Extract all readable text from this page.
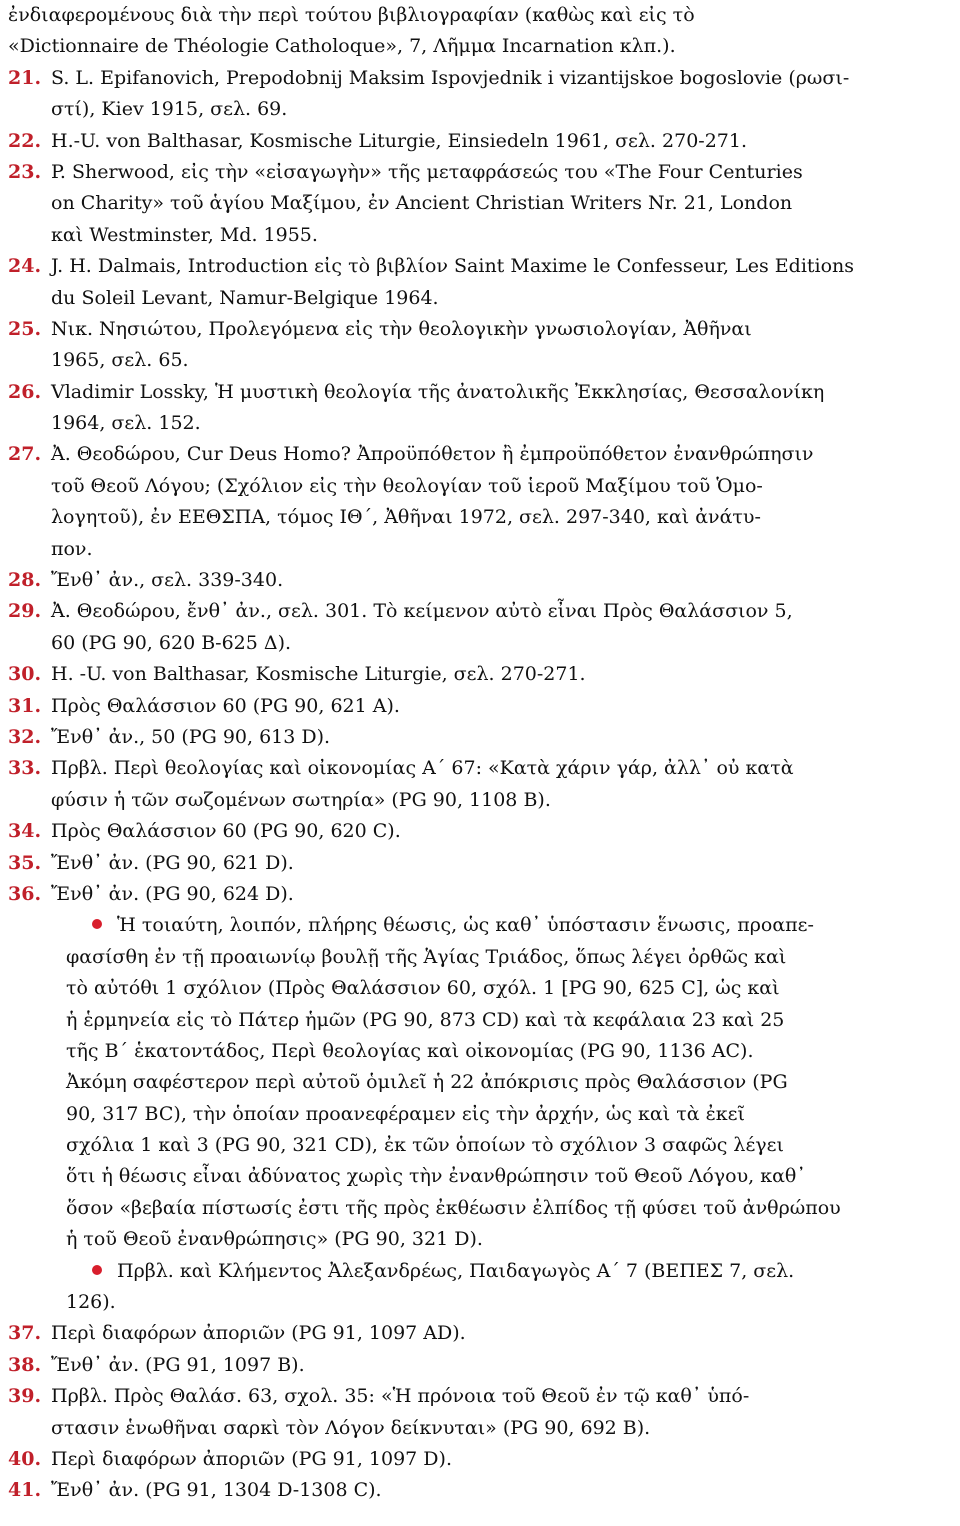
ἐνδιαφερομένους διὰ τὴν περὶ τούτου βιβλιογραφίαν (καθὼς καὶ εἰς τὸ
«Dictionnaire de Théologie Catholoque», 7, Λῆμμα Incarnation κλπ.).
21. S. L. Epifanovich, Prepodobnij Maksim Ispovjednik i vizantijskoe bogoslovie (ρωσι-
στί), Kiev 1915, σελ. 69.
22. H.-U. von Balthasar, Kosmische Liturgie, Einsiedeln 1961, σελ. 270-271.
23. P. Sherwood, εἰς τὴν «εἰσαγωγὴν» τῆς μεταφράσεώς του «The Four Centuries
on Charity» τοῦ ἁγίου Μαξίμου, ἐν Ancient Christian Writers Nr. 21, London
καὶ Westminster, Md. 1955.
24. J. H. Dalmais, Introduction εἰς τὸ βιβλίον Saint Maxime le Confesseur, Les Editions
du Soleil Levant, Namur-Belgique 1964.
25. Νικ. Νησιώτου, Προλεγόμενα εἰς τὴν θεολογικὴν γνωσιολογίαν, Ἀθῆναι
1965, σελ. 65.
26. Vladimir Lossky, Ἡ μυστικὴ θεολογία τῆς ἀνατολικῆς Ἐκκλησίας, Θεσσαλονίκη
1964, σελ. 152.
27. Ἀ. Θεοδώρου, Cur Deus Homo? Ἀπροϋπόθετον ἢ ἐμπροϋπόθετον ἐνανθρώπησιν
τοῦ Θεοῦ Λόγου; (Σχόλιον εἰς τὴν θεολογίαν τοῦ ἱεροῦ Μαξίμου τοῦ Ὁμο-
λογητοῦ), ἐν ΕΕΘΣΠΑ, τόμος ΙΘ΄, Ἀθῆναι 1972, σελ. 297-340, καὶ ἀνάτυ-
πον.
28. Ἔνθ᾽ ἀν., σελ. 339-340.
29. Ἀ. Θεοδώρου, ἔνθ᾽ ἀν., σελ. 301. Τὸ κείμενον αὐτὸ εἶναι Πρὸς Θαλάσσιον 5,
60 (PG 90, 620 Β-625 Δ).
30. H. -U. von Balthasar, Kosmische Liturgie, σελ. 270-271.
31. Πρὸς Θαλάσσιον 60 (PG 90, 621 A).
32. Ἔνθ᾽ ἀν., 50 (PG 90, 613 D).
33. Πρβλ. Περὶ θεολογίας καὶ οἰκονομίας Α΄ 67: «Κατὰ χάριν γάρ, ἀλλ᾽ οὐ κατὰ
φύσιν ἡ τῶν σωζομένων σωτηρία» (PG 90, 1108 B).
34. Πρὸς Θαλάσσιον 60 (PG 90, 620 C).
35. Ἔνθ᾽ ἀν. (PG 90, 621 D).
36. Ἔνθ᾽ ἀν. (PG 90, 624 D).
Ἡ τοιαύτη, λοιπόν, πλήρης θέωσις, ὡς καθ᾽ ὑπόστασιν ἕνωσις, προαπε-
φασίσθη ἐν τῇ προαιωνίῳ βουλῇ τῆς Ἁγίας Τριάδος, ὅπως λέγει ὀρθῶς καὶ
τὸ αὐτόθι 1 σχόλιον (Πρὸς Θαλάσσιον 60, σχόλ. 1 [PG 90, 625 C], ὡς καὶ
ἡ ἑρμηνεία εἰς τὸ Πάτερ ἡμῶν (PG 90, 873 CD) καὶ τὰ κεφάλαια 23 καὶ 25
τῆς Β΄ ἑκατοντάδος, Περὶ θεολογίας καὶ οἰκονομίας (PG 90, 1136 AC).
Ἀκόμη σαφέστερον περὶ αὐτοῦ ὁμιλεῖ ἡ 22 ἀπόκρισις πρὸς Θαλάσσιον (PG
90, 317 BC), τὴν ὁποίαν προανεφέραμεν εἰς τὴν ἀρχήν, ὡς καὶ τὰ ἐκεῖ
σχόλια 1 καὶ 3 (PG 90, 321 CD), ἐκ τῶν ὁποίων τὸ σχόλιον 3 σαφῶς λέγει
ὅτι ἡ θέωσις εἶναι ἀδύνατος χωρὶς τὴν ἐνανθρώπησιν τοῦ Θεοῦ Λόγου, καθ᾽
ὅσον «βεβαία πίστωσίς ἐστι τῆς πρὸς ἐκθέωσιν ἐλπίδος τῇ φύσει τοῦ ἀνθρώπου
ἡ τοῦ Θεοῦ ἐνανθρώπησις» (PG 90, 321 D).
Πρβλ. καὶ Κλήμεντος Ἀλεξανδρέως, Παιδαγωγὸς Α΄ 7 (ΒΕΠΕΣ 7, σελ.
126).
37. Περὶ διαφόρων ἀποριῶν (PG 91, 1097 AD).
38. Ἔνθ᾽ ἀν. (PG 91, 1097 B).
39. Πρβλ. Πρὸς Θαλάσ. 63, σχολ. 35: «Ἡ πρόνοια τοῦ Θεοῦ ἐν τῷ καθ᾽ ὑπό-
στασιν ἑνωθῆναι σαρκὶ τὸν Λόγον δείκνυται» (PG 90, 692 B).
40. Περὶ διαφόρων ἀποριῶν (PG 91, 1097 D).
41. Ἔνθ᾽ ἀν. (PG 91, 1304 D-1308 C).
